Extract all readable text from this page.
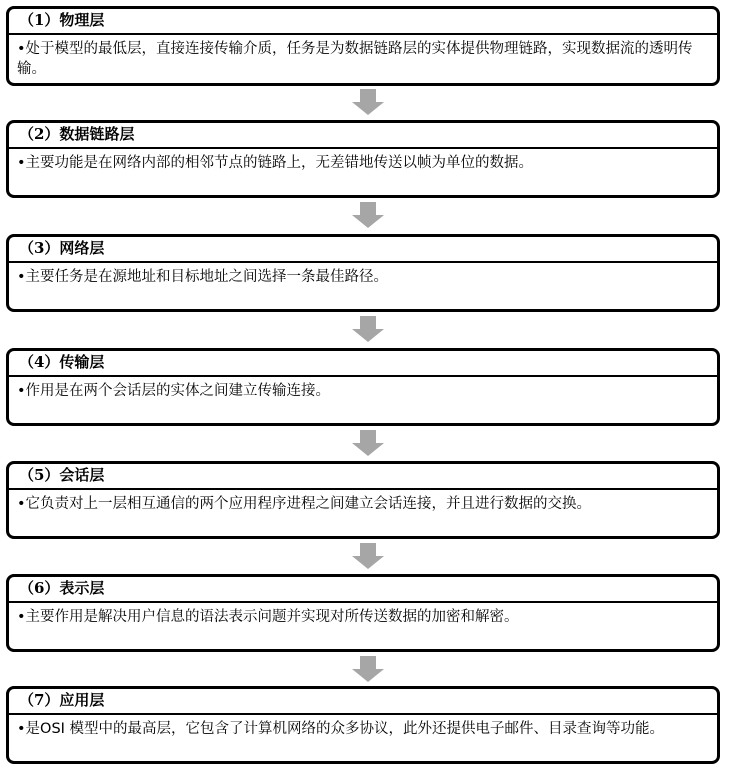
（1）物理层
•处于模型的最低层，直接连接传输介质，任务是为数据链路层的实体提供物理链路，实现数据流的透明传输。
（2）数据链路层
•主要功能是在网络内部的相邻节点的链路上，无差错地传送以帧为单位的数据。
（3）网络层
•主要任务是在源地址和目标地址之间选择一条最佳路径。
（4）传输层
•作用是在两个会话层的实体之间建立传输连接。
（5）会话层
•它负责对上一层相互通信的两个应用程序进程之间建立会话连接，并且进行数据的交换。
（6）表示层
•主要作用是解决用户信息的语法表示问题并实现对所传送数据的加密和解密。
（7）应用层
•是OSI 模型中的最高层，它包含了计算机网络的众多协议，此外还提供电子邮件、目录查询等功能。
